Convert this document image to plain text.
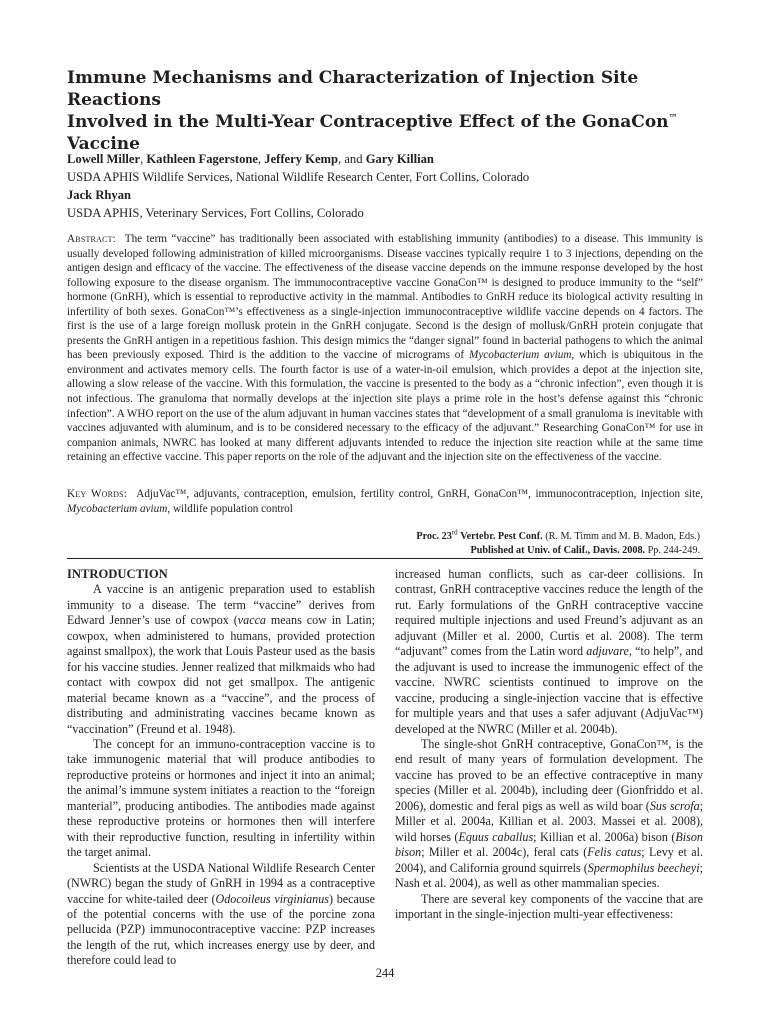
Immune Mechanisms and Characterization of Injection Site Reactions
Involved in the Multi-Year Contraceptive Effect of the GonaCon™
Vaccine
Lowell Miller, Kathleen Fagerstone, Jeffery Kemp, and Gary Killian
USDA APHIS Wildlife Services, National Wildlife Research Center, Fort Collins, Colorado
Jack Rhyan
USDA APHIS, Veterinary Services, Fort Collins, Colorado
Abstract: The term “vaccine” has traditionally been associated with establishing immunity (antibodies) to a disease. This immunity is usually developed following administration of killed microorganisms. Disease vaccines typically require 1 to 3 injections, depending on the antigen design and efficacy of the vaccine. The effectiveness of the disease vaccine depends on the immune response developed by the host following exposure to the disease organism. The immunocontraceptive vaccine GonaCon™ is designed to produce immunity to the “self” hormone (GnRH), which is essential to reproductive activity in the mammal. Antibodies to GnRH reduce its biological activity resulting in infertility of both sexes. GonaCon™’s effectiveness as a single-injection immunocontraceptive wildlife vaccine depends on 4 factors. The first is the use of a large foreign mollusk protein in the GnRH conjugate. Second is the design of mollusk/GnRH protein conjugate that presents the GnRH antigen in a repetitious fashion. This design mimics the “danger signal” found in bacterial pathogens to which the animal has been previously exposed. Third is the addition to the vaccine of micrograms of Mycobacterium avium, which is ubiquitous in the environment and activates memory cells. The fourth factor is use of a water-in-oil emulsion, which provides a depot at the injection site, allowing a slow release of the vaccine. With this formulation, the vaccine is presented to the body as a “chronic infection”, even though it is not infectious. The granuloma that normally develops at the injection site plays a prime role in the host’s defense against this “chronic infection”. A WHO report on the use of the alum adjuvant in human vaccines states that “development of a small granuloma is inevitable with vaccines adjuvanted with aluminum, and is to be considered necessary to the efficacy of the adjuvant.” Researching GonaCon™ for use in companion animals, NWRC has looked at many different adjuvants intended to reduce the injection site reaction while at the same time retaining an effective vaccine. This paper reports on the role of the adjuvant and the injection site on the effectiveness of the vaccine.
Key Words: AdjuVac™, adjuvants, contraception, emulsion, fertility control, GnRH, GonaCon™, immunocontraception, injection site, Mycobacterium avium, wildlife population control
Proc. 23rd Vertebr. Pest Conf. (R. M. Timm and M. B. Madon, Eds.)
Published at Univ. of Calif., Davis. 2008. Pp. 244-249.
INTRODUCTION

A vaccine is an antigenic preparation used to establish immunity to a disease. The term “vaccine” derives from Edward Jenner’s use of cowpox (vacca means cow in Latin; cowpox, when administered to humans, provided protection against smallpox), the work that Louis Pasteur used as the basis for his vaccine studies. Jenner realized that milkmaids who had contact with cowpox did not get smallpox. The antigenic material became known as a “vaccine”, and the process of distributing and administrating vaccines became known as “vaccination” (Freund et al. 1948).

The concept for an immuno-contraception vaccine is to take immunogenic material that will produce antibodies to reproductive proteins or hormones and inject it into an animal; the animal’s immune system initiates a reaction to the “foreign manterial”, producing antibodies. The antibodies made against these reproductive proteins or hormones then will interfere with their reproductive function, resulting in infertility within the target animal.

Scientists at the USDA National Wildlife Research Center (NWRC) began the study of GnRH in 1994 as a contraceptive vaccine for white-tailed deer (Odocoileus virginianus) because of the potential concerns with the use of the porcine zona pellucida (PZP) immunocontraceptive vaccine: PZP increases the length of the rut, which increases energy use by deer, and therefore could lead to

increased human conflicts, such as car-deer collisions. In contrast, GnRH contraceptive vaccines reduce the length of the rut. Early formulations of the GnRH contraceptive vaccine required multiple injections and used Freund’s adjuvant as an adjuvant (Miller et al. 2000, Curtis et al. 2008). The term “adjuvant” comes from the Latin word adjuvare, “to help”, and the adjuvant is used to increase the immunogenic effect of the vaccine. NWRC scientists continued to improve on the vaccine, producing a single-injection vaccine that is effective for multiple years and that uses a safer adjuvant (AdjuVac™) developed at the NWRC (Miller et al. 2004b).

The single-shot GnRH contraceptive, GonaCon™, is the end result of many years of formulation development. The vaccine has proved to be an effective contraceptive in many species (Miller et al. 2004b), including deer (Gionfriddo et al. 2006), domestic and feral pigs as well as wild boar (Sus scrofa; Miller et al. 2004a, Killian et al. 2003. Massei et al. 2008), wild horses (Equus caballus; Killian et al. 2006a) bison (Bison bison; Miller et al. 2004c), feral cats (Felis catus; Levy et al. 2004), and California ground squirrels (Spermophilus beecheyi; Nash et al. 2004), as well as other mammalian species.

There are several key components of the vaccine that are important in the single-injection multi-year effectiveness:

244
